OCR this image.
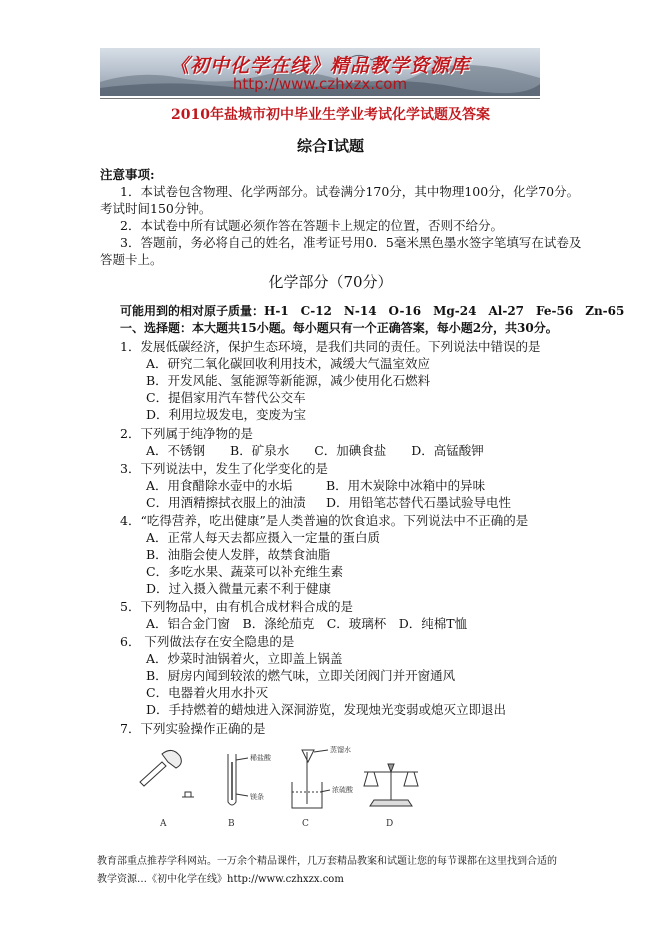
《初中化学在线》精品教学资源库
http://www.czhxzx.com
2010年盐城市初中毕业生学业考试化学试题及答案
综合Ⅰ试题
注意事项:
1．本试卷包含物理、化学两部分。试卷满分170分，其中物理100分，化学70分。
考试时间150分钟。
2．本试卷中所有试题必须作答在答题卡上规定的位置，否则不给分。
3．答题前，务必将自己的姓名，准考证号用0．5毫米黑色墨水签字笔填写在试卷及
答题卡上。
化学部分（70分）
可能用到的相对原子质量：H-1　C-12　N-14　O-16　Mg-24　Al-27　Fe-56　Zn-65
一、选择题：本大题共15小题。每小题只有一个正确答案，每小题2分，共30分。
1．发展低碳经济，保护生态环境，是我们共同的责任。下列说法中错误的是
A．研究二氧化碳回收利用技术，减缓大气温室效应
B．开发风能、氢能源等新能源，减少使用化石燃料
C．提倡家用汽车替代公交车
D．利用垃圾发电，变废为宝
2．下列属于纯净物的是
A．不锈钢　　B．矿泉水　　C．加碘食盐　　D．高锰酸钾
3．下列说法中，发生了化学变化的是
A．用食醋除水壶中的水垢	B．用木炭除中冰箱中的异味
C．用酒精擦拭衣服上的油渍 D．用铅笔芯替代石墨试验导电性
4．“吃得营养，吃出健康”是人类普遍的饮食追求。下列说法中不正确的是
A．正常人每天去都应摄入一定量的蛋白质
B．油脂会使人发胖，故禁食油脂
C．多吃水果、蔬菜可以补充维生素
D．过入摄入微量元素不利于健康
5．下列物品中，由有机合成材料合成的是
A．铝合金门窗　B．涤纶茄克　C．玻璃杯　D．纯棉T恤
6． 下列做法存在安全隐患的是
A．炒菜时油锅着火，立即盖上锅盖
B．厨房内闻到较浓的燃气味，立即关闭阀门并开窗通风
C．电器着火用水扑灭
D．手持燃着的蜡烛进入深洞游览，发现烛光变弱或熄灭立即退出
7．下列实验操作正确的是
A	B	C	D
稀盐酸
镁条
蒸馏水
浓硫酸
教育部重点推荐学科网站。一万余个精品课件，几万套精品教案和试题让您的每节课都在这里找到合适的
教学资源…《初中化学在线》http://www.czhxzx.com
